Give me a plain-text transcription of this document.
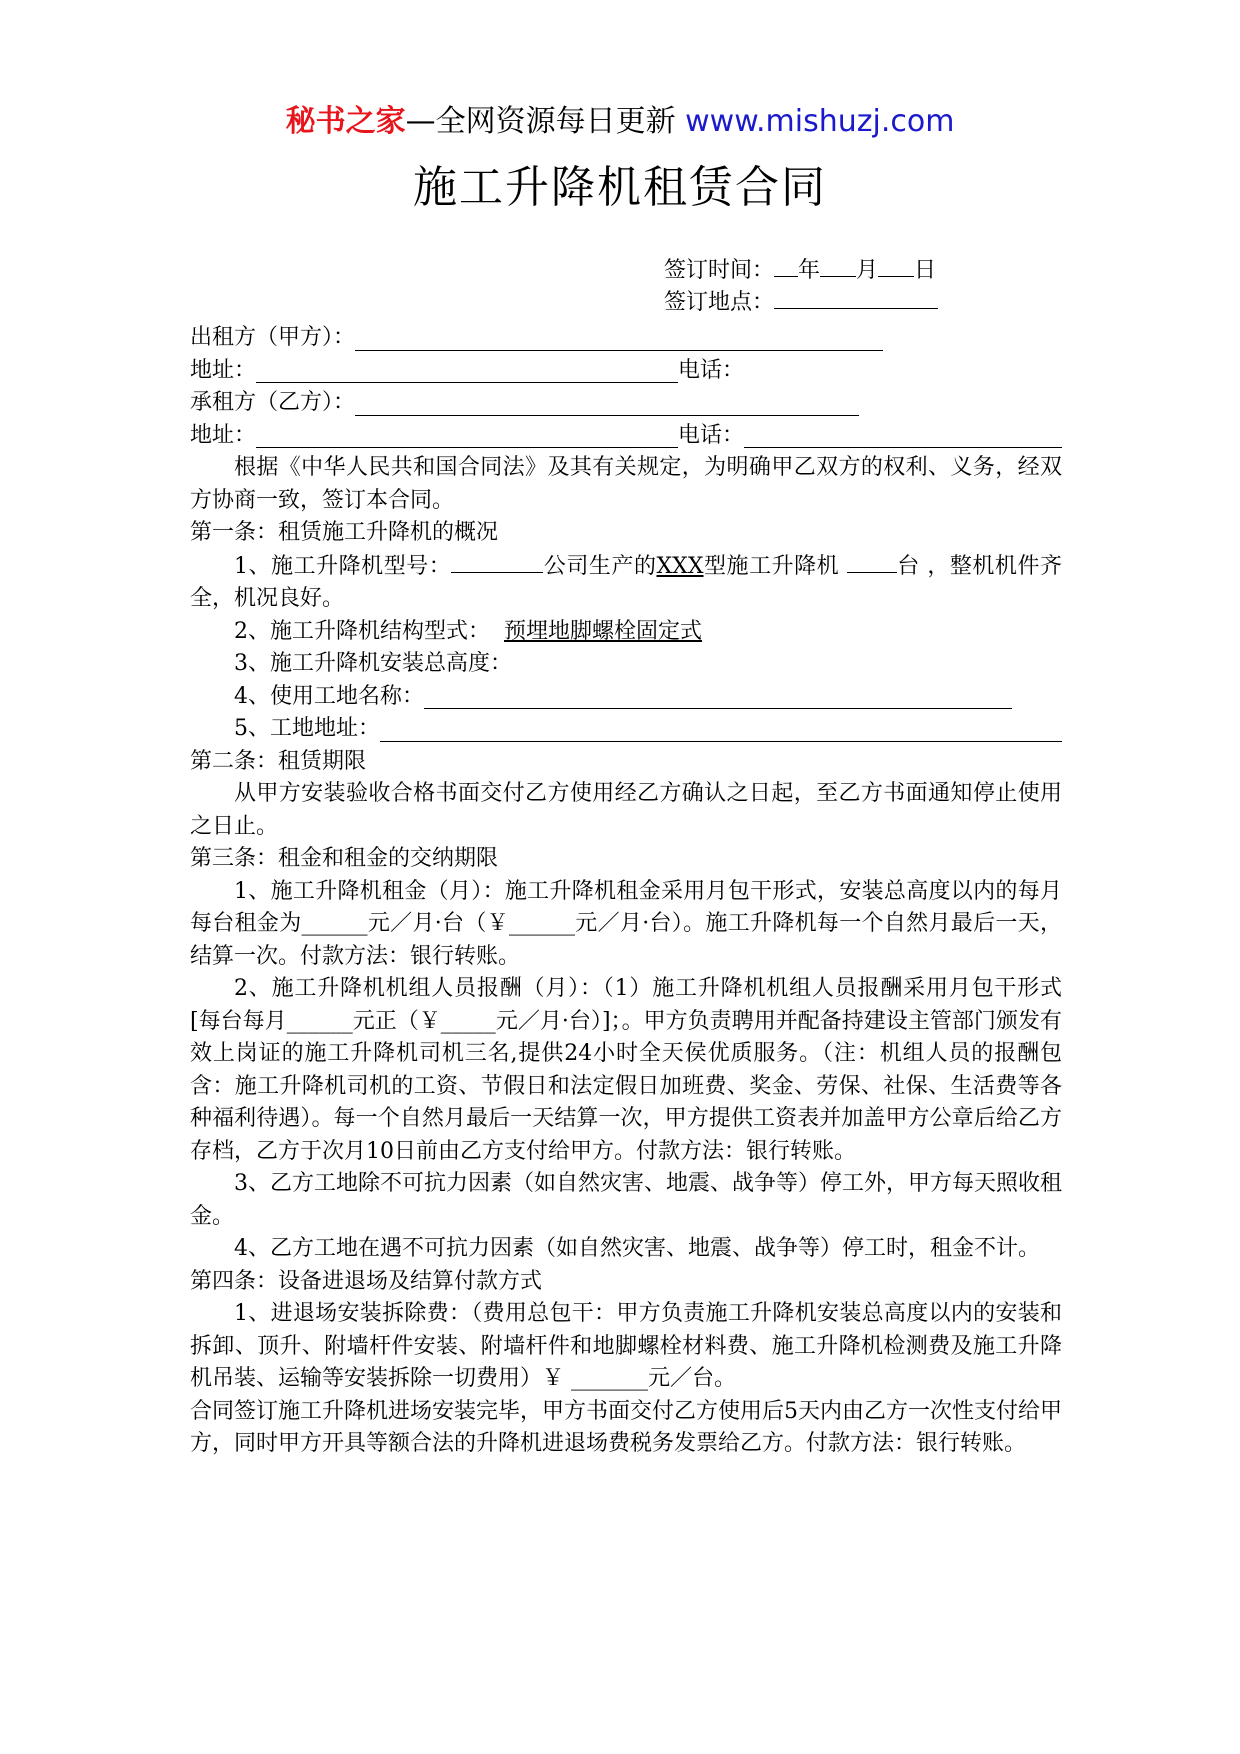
秘书之家—全网资源每日更新 www.mishuzj.com
施工升降机租赁合同
签订时间： 年 月 日
签订地点：
出租方（甲方）：
地址：	电话：
承租方（乙方）：
地址：	电话：

根据《中华人民共和国合同法》及其有关规定，为明确甲乙双方的权利、义务，经双方协商一致，签订本合同。

第一条：租赁施工升降机的概况

1、施工升降机型号：	公司生产的XXX型施工升降机	台 ，整机机件齐全，机况良好。

2、施工升降机结构型式： 预埋地脚螺栓固定式

3、施工升降机安装总高度：

4、使用工地名称：
5、工地地址：

第二条：租赁期限

从甲方安装验收合格书面交付乙方使用经乙方确认之日起，至乙方书面通知停止使用之日止。

第三条：租金和租金的交纳期限

1、施工升降机租金（月）：施工升降机租金采用月包干形式，安装总高度以内的每月每台租金为______元／月·台（￥______元／月·台）。施工升降机每一个自然月最后一天，结算一次。付款方法：银行转账。

2、施工升降机机组人员报酬（月）：（1）施工升降机机组人员报酬采用月包干形式[每台每月______元正（￥_____元／月·台）]；。甲方负责聘用并配备持建设主管部门颁发有效上岗证的施工升降机司机三名,提供24小时全天侯优质服务。（注：机组人员的报酬包含：施工升降机司机的工资、节假日和法定假日加班费、奖金、劳保、社保、生活费等各种福利待遇）。每一个自然月最后一天结算一次，甲方提供工资表并加盖甲方公章后给乙方存档，乙方于次月10日前由乙方支付给甲方。付款方法：银行转账。

3、乙方工地除不可抗力因素（如自然灾害、地震、战争等）停工外，甲方每天照收租金。

4、乙方工地在遇不可抗力因素（如自然灾害、地震、战争等）停工时，租金不计。

第四条：设备进退场及结算付款方式

1、进退场安装拆除费：（费用总包干：甲方负责施工升降机安装总高度以内的安装和拆卸、顶升、附墙杆件安装、附墙杆件和地脚螺栓材料费、施工升降机检测费及施工升降机吊装、运输等安装拆除一切费用）￥ _______元／台。

合同签订施工升降机进场安装完毕，甲方书面交付乙方使用后5天内由乙方一次性支付给甲方，同时甲方开具等额合法的升降机进退场费税务发票给乙方。付款方法：银行转账。
